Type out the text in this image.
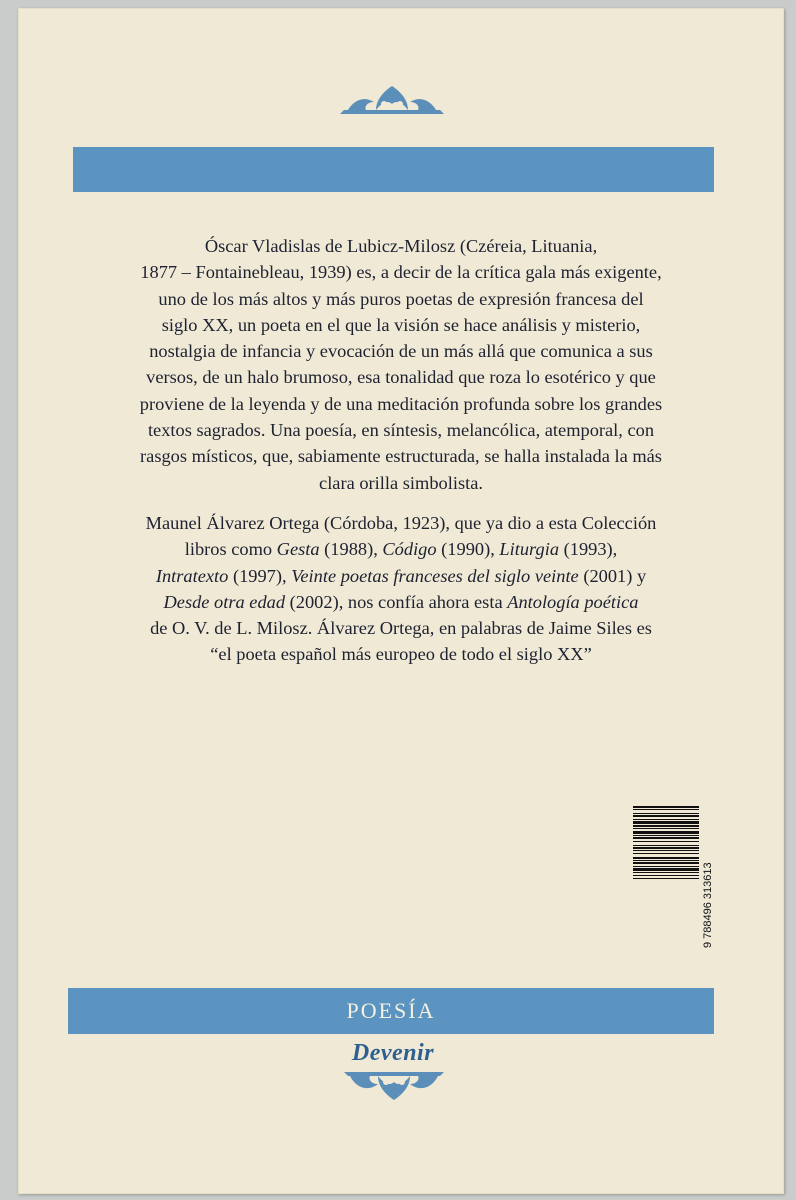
Óscar Vladislas de Lubicz-Milosz (Czéreia, Lituania,

1877 – Fontainebleau, 1939) es, a decir de la crítica gala más exigente,

uno de los más altos y más puros poetas de expresión francesa del

siglo XX, un poeta en el que la visión se hace análisis y misterio,

nostalgia de infancia y evocación de un más allá que comunica a sus

versos, de un halo brumoso, esa tonalidad que roza lo esotérico y que

proviene de la leyenda y de una meditación profunda sobre los grandes

textos sagrados. Una poesía, en síntesis, melancólica, atemporal, con

rasgos místicos, que, sabiamente estructurada, se halla instalada la más

clara orilla simbolista.

Maunel Álvarez Ortega (Córdoba, 1923), que ya dio a esta Colección

libros como Gesta (1988), Código (1990), Liturgia (1993),

Intratexto (1997), Veinte poetas franceses del siglo veinte (2001) y

Desde otra edad (2002), nos confía ahora esta Antología poética

de O. V. de L. Milosz. Álvarez Ortega, en palabras de Jaime Siles es

“el poeta español más europeo de todo el siglo XX”

9 788496 313613
POESÍA
Devenir
